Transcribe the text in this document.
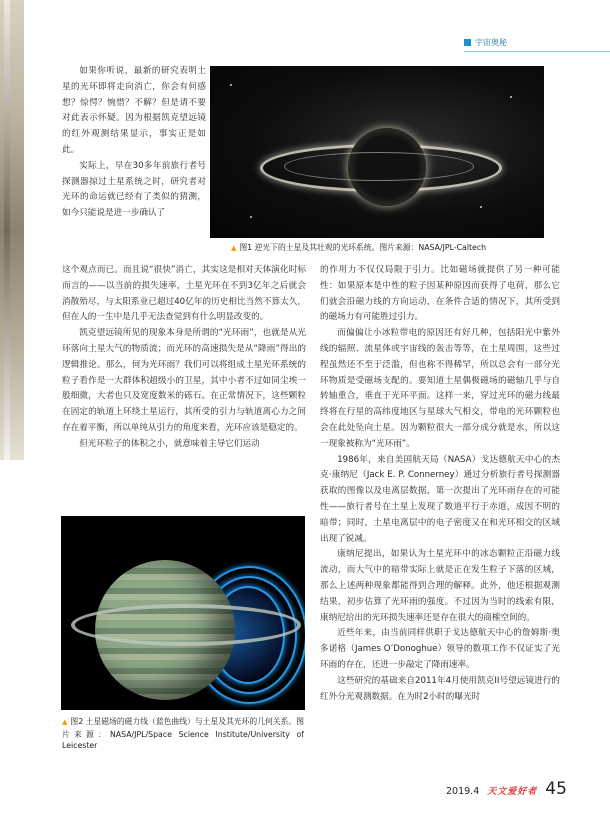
宇宙奥秘

如果你听说，最新的研究表明土星的光环即将走向消亡，你会有何感想？惊愕？惋惜？不解？但是请不要对此表示怀疑。因为根据凯克望远镜的红外观测结果显示，事实正是如此。

实际上，早在30多年前旅行者号探测器掠过土星系统之时，研究者对光环的命运就已经有了类似的猜测，如今只能说是进一步确认了

▲ 图1 逆光下的土星及其壮观的光环系统。图片来源：NASA/JPL-Caltech

这个观点而已。而且说“很快”消亡，其实这是相对天体演化时标而言的——以当前的损失速率，土星光环在不到3亿年之后就会消散殆尽，与太阳系业已超过40亿年的历史相比当然不算太久，但在人的一生中是几乎无法查觉到有什么明显改变的。

凯克望远镜所见的现象本身是所谓的“光环雨”，也就是从光环落向土星大气的物质流；而光环的高速损失是从“降雨”得出的逻辑推论。那么，何为光环雨？我们可以将组成土星光环系统的粒子看作是一大群体积超级小的卫星，其中小者不过如同尘埃一般细微，大者也只及宽度数米的砾石。在正常情况下，这些颗粒在固定的轨道上环绕土星运行，其所受的引力与轨道离心力之间存在着平衡，所以单纯从引力的角度来看，光环应该是稳定的。

但光环粒子的体积之小，就意味着主导它们运动

▲ 图2 土星磁场的磁力线（蓝色曲线）与土星及其光环的几何关系。图片来源：NASA/JPL/Space Science Institute/University of Leicester

的作用力不仅仅局限于引力。比如磁场就提供了另一种可能性：如果原本是中性的粒子因某种原因而获得了电荷，那么它们就会沿磁力线的方向运动，在条件合适的情况下，其所受到的磁场力有可能胜过引力。

而偏偏让小冰粒带电的原因还有好几种，包括阳光中紫外线的辐照、流星体或宇宙线的轰击等等，在土星周围，这些过程虽然还不至于泛滥，但也称不得稀罕，所以总会有一部分光环物质是受磁场支配的。要知道土星偶极磁场的磁轴几乎与自转轴重合，垂直于光环平面。这样一来，穿过光环的磁力线最终将在行星的高纬度地区与星球大气相交，带电的光环颗粒也会在此处坠向土星。因为颗粒很大一部分成分就是水，所以这一现象被称为“光环雨”。

1986年，来自美国航天局（NASA）戈达德航天中心的杰克·康纳尼（Jack E. P. Connerney）通过分析旅行者号探测器获取的图像以及电离层数据，第一次提出了光环雨存在的可能性——旅行者号在土星上发现了数道平行于赤道，成因不明的暗带；同时，土星电离层中的电子密度又在和光环相交的区域出现了锐减。

康纳尼提出，如果认为土星光环中的冰态颗粒正沿磁力线流动，而大气中的暗带实际上就是正在发生粒子下落的区域，那么上述两种现象都能得到合理的解释。此外，他还根据观测结果，初步估算了光环雨的强度。不过因为当时的线索有限，康纳尼给出的光环损失速率还是存在很大的商榷空间的。

近些年来，由当前同样供职于戈达德航天中心的詹姆斯·奥多诺格（James O’Donoghue）领导的数项工作不仅证实了光环雨的存在，还进一步敲定了降雨速率。

这些研究的基础来自2011年4月使用凯克II号望远镜进行的红外分光观测数据。在为时2小时的曝光时

2019.4 天文爱好者 45
